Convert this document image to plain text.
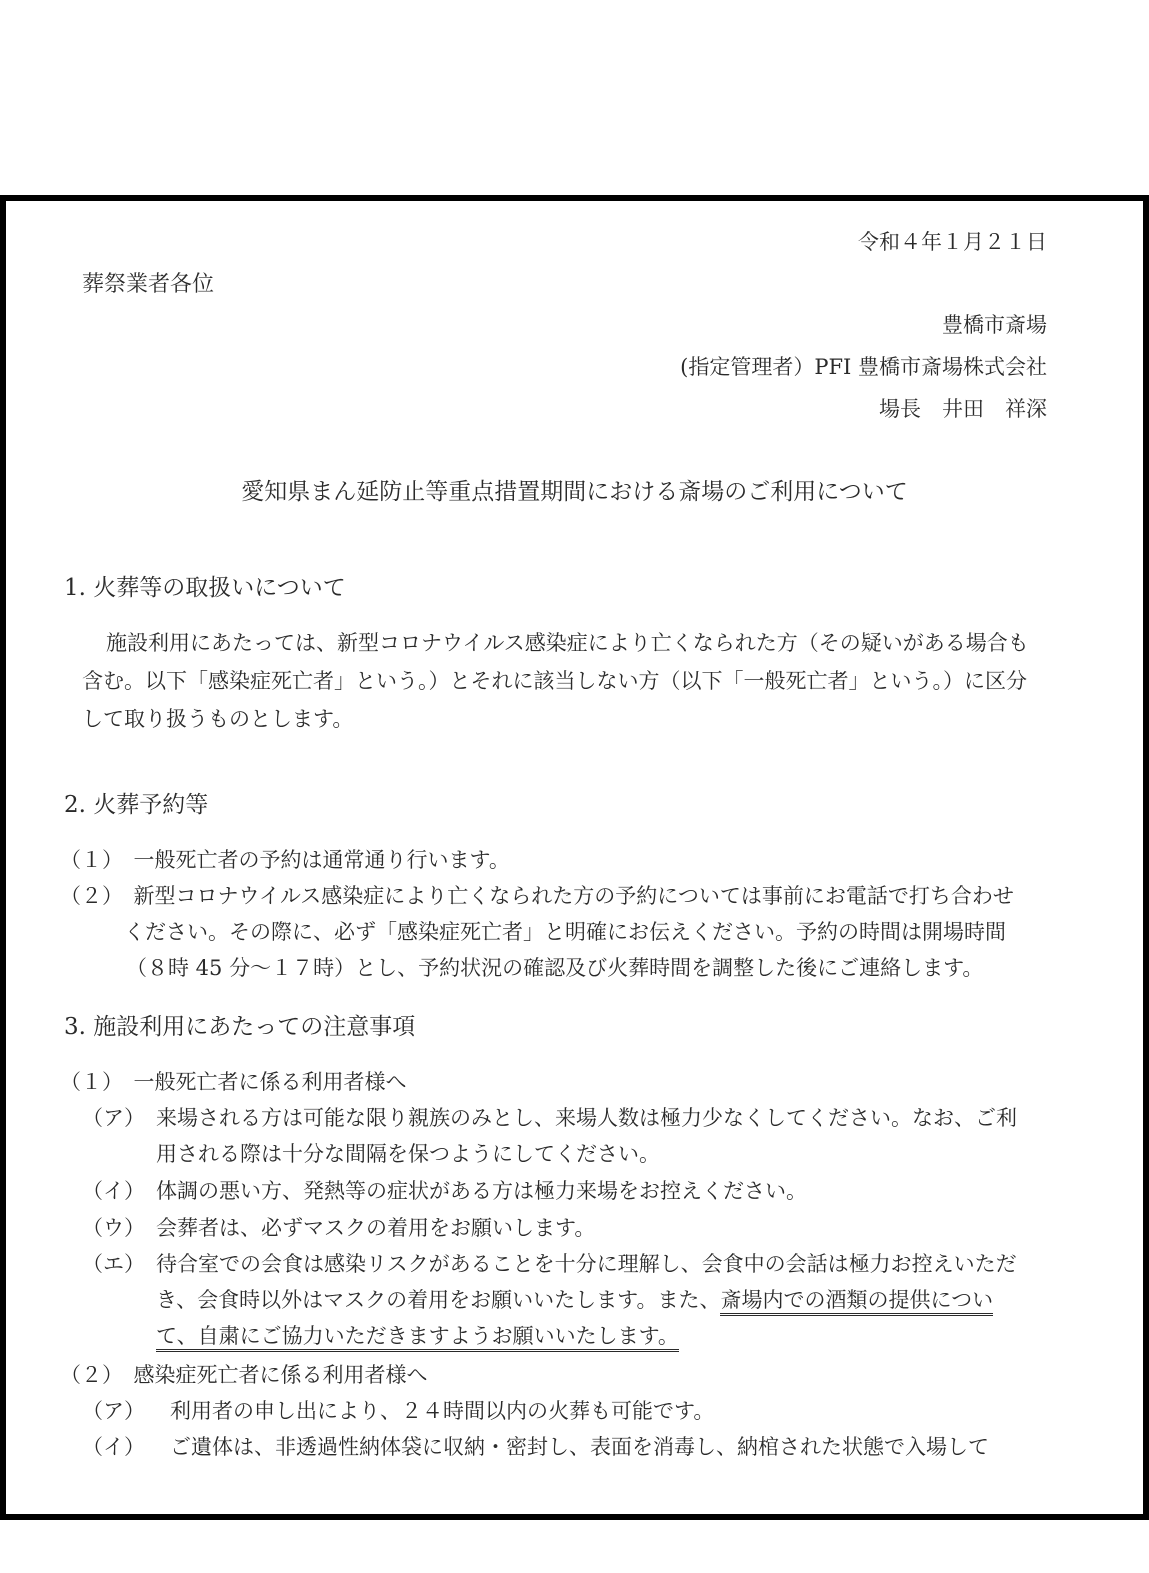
令和４年１月２１日
葬祭業者各位
豊橋市斎場
(指定管理者）PFI 豊橋市斎場株式会社
場長　井田　祥深
愛知県まん延防止等重点措置期間における斎場のご利用について
1. 火葬等の取扱いについて
施設利用にあたっては、新型コロナウイルス感染症により亡くなられた方（その疑いがある場合も
含む。以下「感染症死亡者」という。）とそれに該当しない方（以下「一般死亡者」という。）に区分
して取り扱うものとします。
2. 火葬予約等
（１）　一般死亡者の予約は通常通り行います。
（２）　新型コロナウイルス感染症により亡くなられた方の予約については事前にお電話で打ち合わせ
ください。その際に、必ず「感染症死亡者」と明確にお伝えください。予約の時間は開場時間
（８時 45 分～１７時）とし、予約状況の確認及び火葬時間を調整した後にご連絡します。
3. 施設利用にあたっての注意事項
（１）　一般死亡者に係る利用者様へ
（ア） 来場される方は可能な限り親族のみとし、来場人数は極力少なくしてください。なお、ご利
用される際は十分な間隔を保つようにしてください。
（イ） 体調の悪い方、発熱等の症状がある方は極力来場をお控えください。
（ウ） 会葬者は、必ずマスクの着用をお願いします。
（エ） 待合室での会食は感染リスクがあることを十分に理解し、会食中の会話は極力お控えいただ
き、会食時以外はマスクの着用をお願いいたします。また、斎場内での酒類の提供につい
て、自粛にご協力いただきますようお願いいたします。
（２）　感染症死亡者に係る利用者様へ
（ア） 利用者の申し出により、２４時間以内の火葬も可能です。
（イ） ご遺体は、非透過性納体袋に収納・密封し、表面を消毒し、納棺された状態で入場して
